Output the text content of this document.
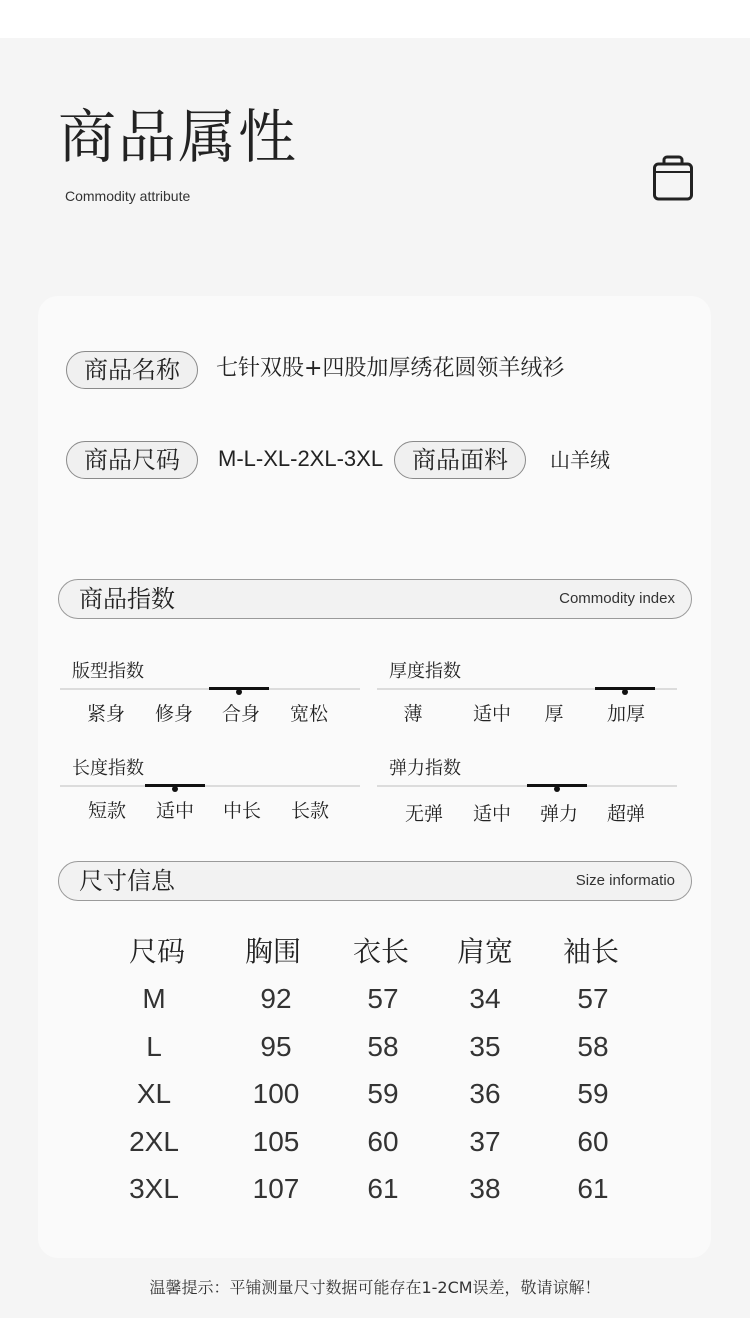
商品属性
Commodity attribute
商品名称	七针双股+四股加厚绣花圆领羊绒衫
商品尺码	M-L-XL-2XL-3XL	商品面料	山羊绒
商品指数	Commodity index
版型指数
紧身	修身	合身	宽松
厚度指数
薄	适中	厚	加厚
长度指数
短款	适中	中长	长款
弹力指数
无弹	适中	弹力	超弹
尺寸信息	Size informatio
尺码	胸围	衣长	肩宽	袖长
M	92	57	34	57
L	95	58	35	58
XL	100	59	36	59
2XL	105	60	37	60
3XL	107	61	38	61
温馨提示：平铺测量尺寸数据可能存在1-2CM误差，敬请谅解！
